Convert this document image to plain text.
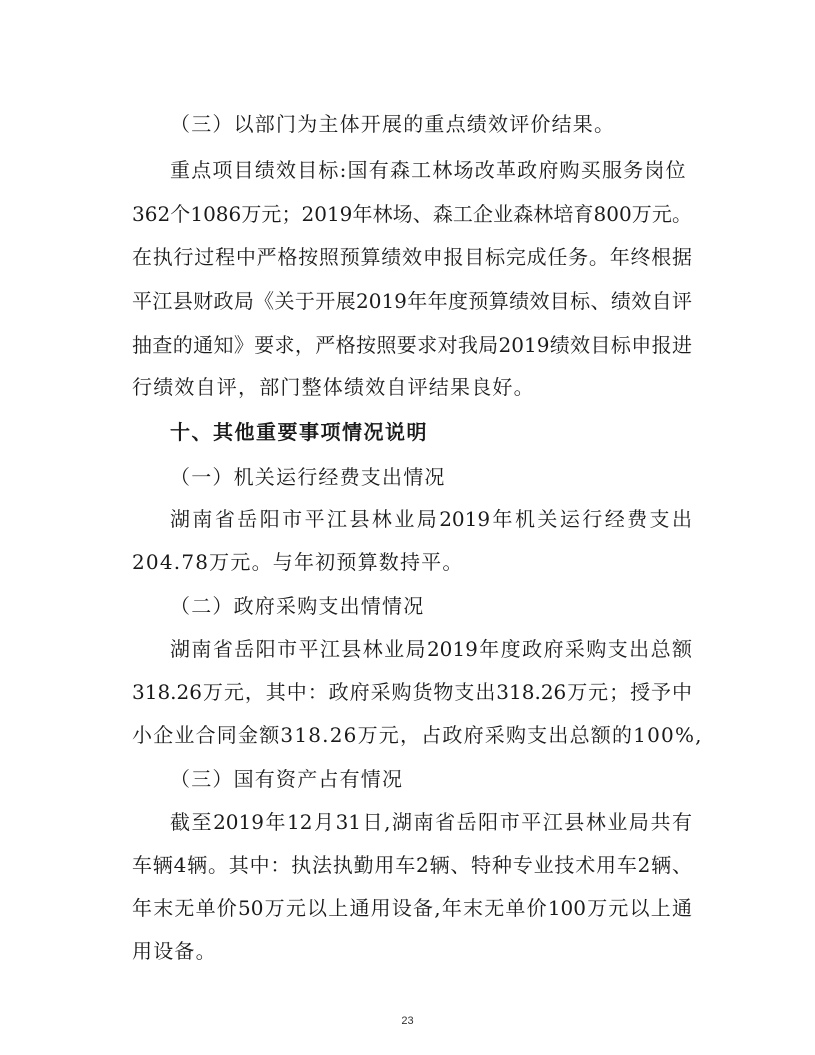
（三）以部门为主体开展的重点绩效评价结果。
重点项目绩效目标:国有森工林场改革政府购买服务岗位
362个1086万元；2019年林场、森工企业森林培育800万元。
在执行过程中严格按照预算绩效申报目标完成任务。年终根据
平江县财政局《关于开展2019年年度预算绩效目标、绩效自评
抽查的通知》要求，严格按照要求对我局2019绩效目标申报进
行绩效自评，部门整体绩效自评结果良好。
十、其他重要事项情况说明
（一）机关运行经费支出情况
湖南省岳阳市平江县林业局2019年机关运行经费支出
204.78万元。与年初预算数持平。
（二）政府采购支出情情况
湖南省岳阳市平江县林业局2019年度政府采购支出总额
318.26万元，其中：政府采购货物支出318.26万元；授予中
小企业合同金额318.26万元，占政府采购支出总额的100%,
（三）国有资产占有情况
截至2019年12月31日,湖南省岳阳市平江县林业局共有
车辆4辆。其中：执法执勤用车2辆、特种专业技术用车2辆、
年末无单价50万元以上通用设备,年末无单价100万元以上通
用设备。
23
